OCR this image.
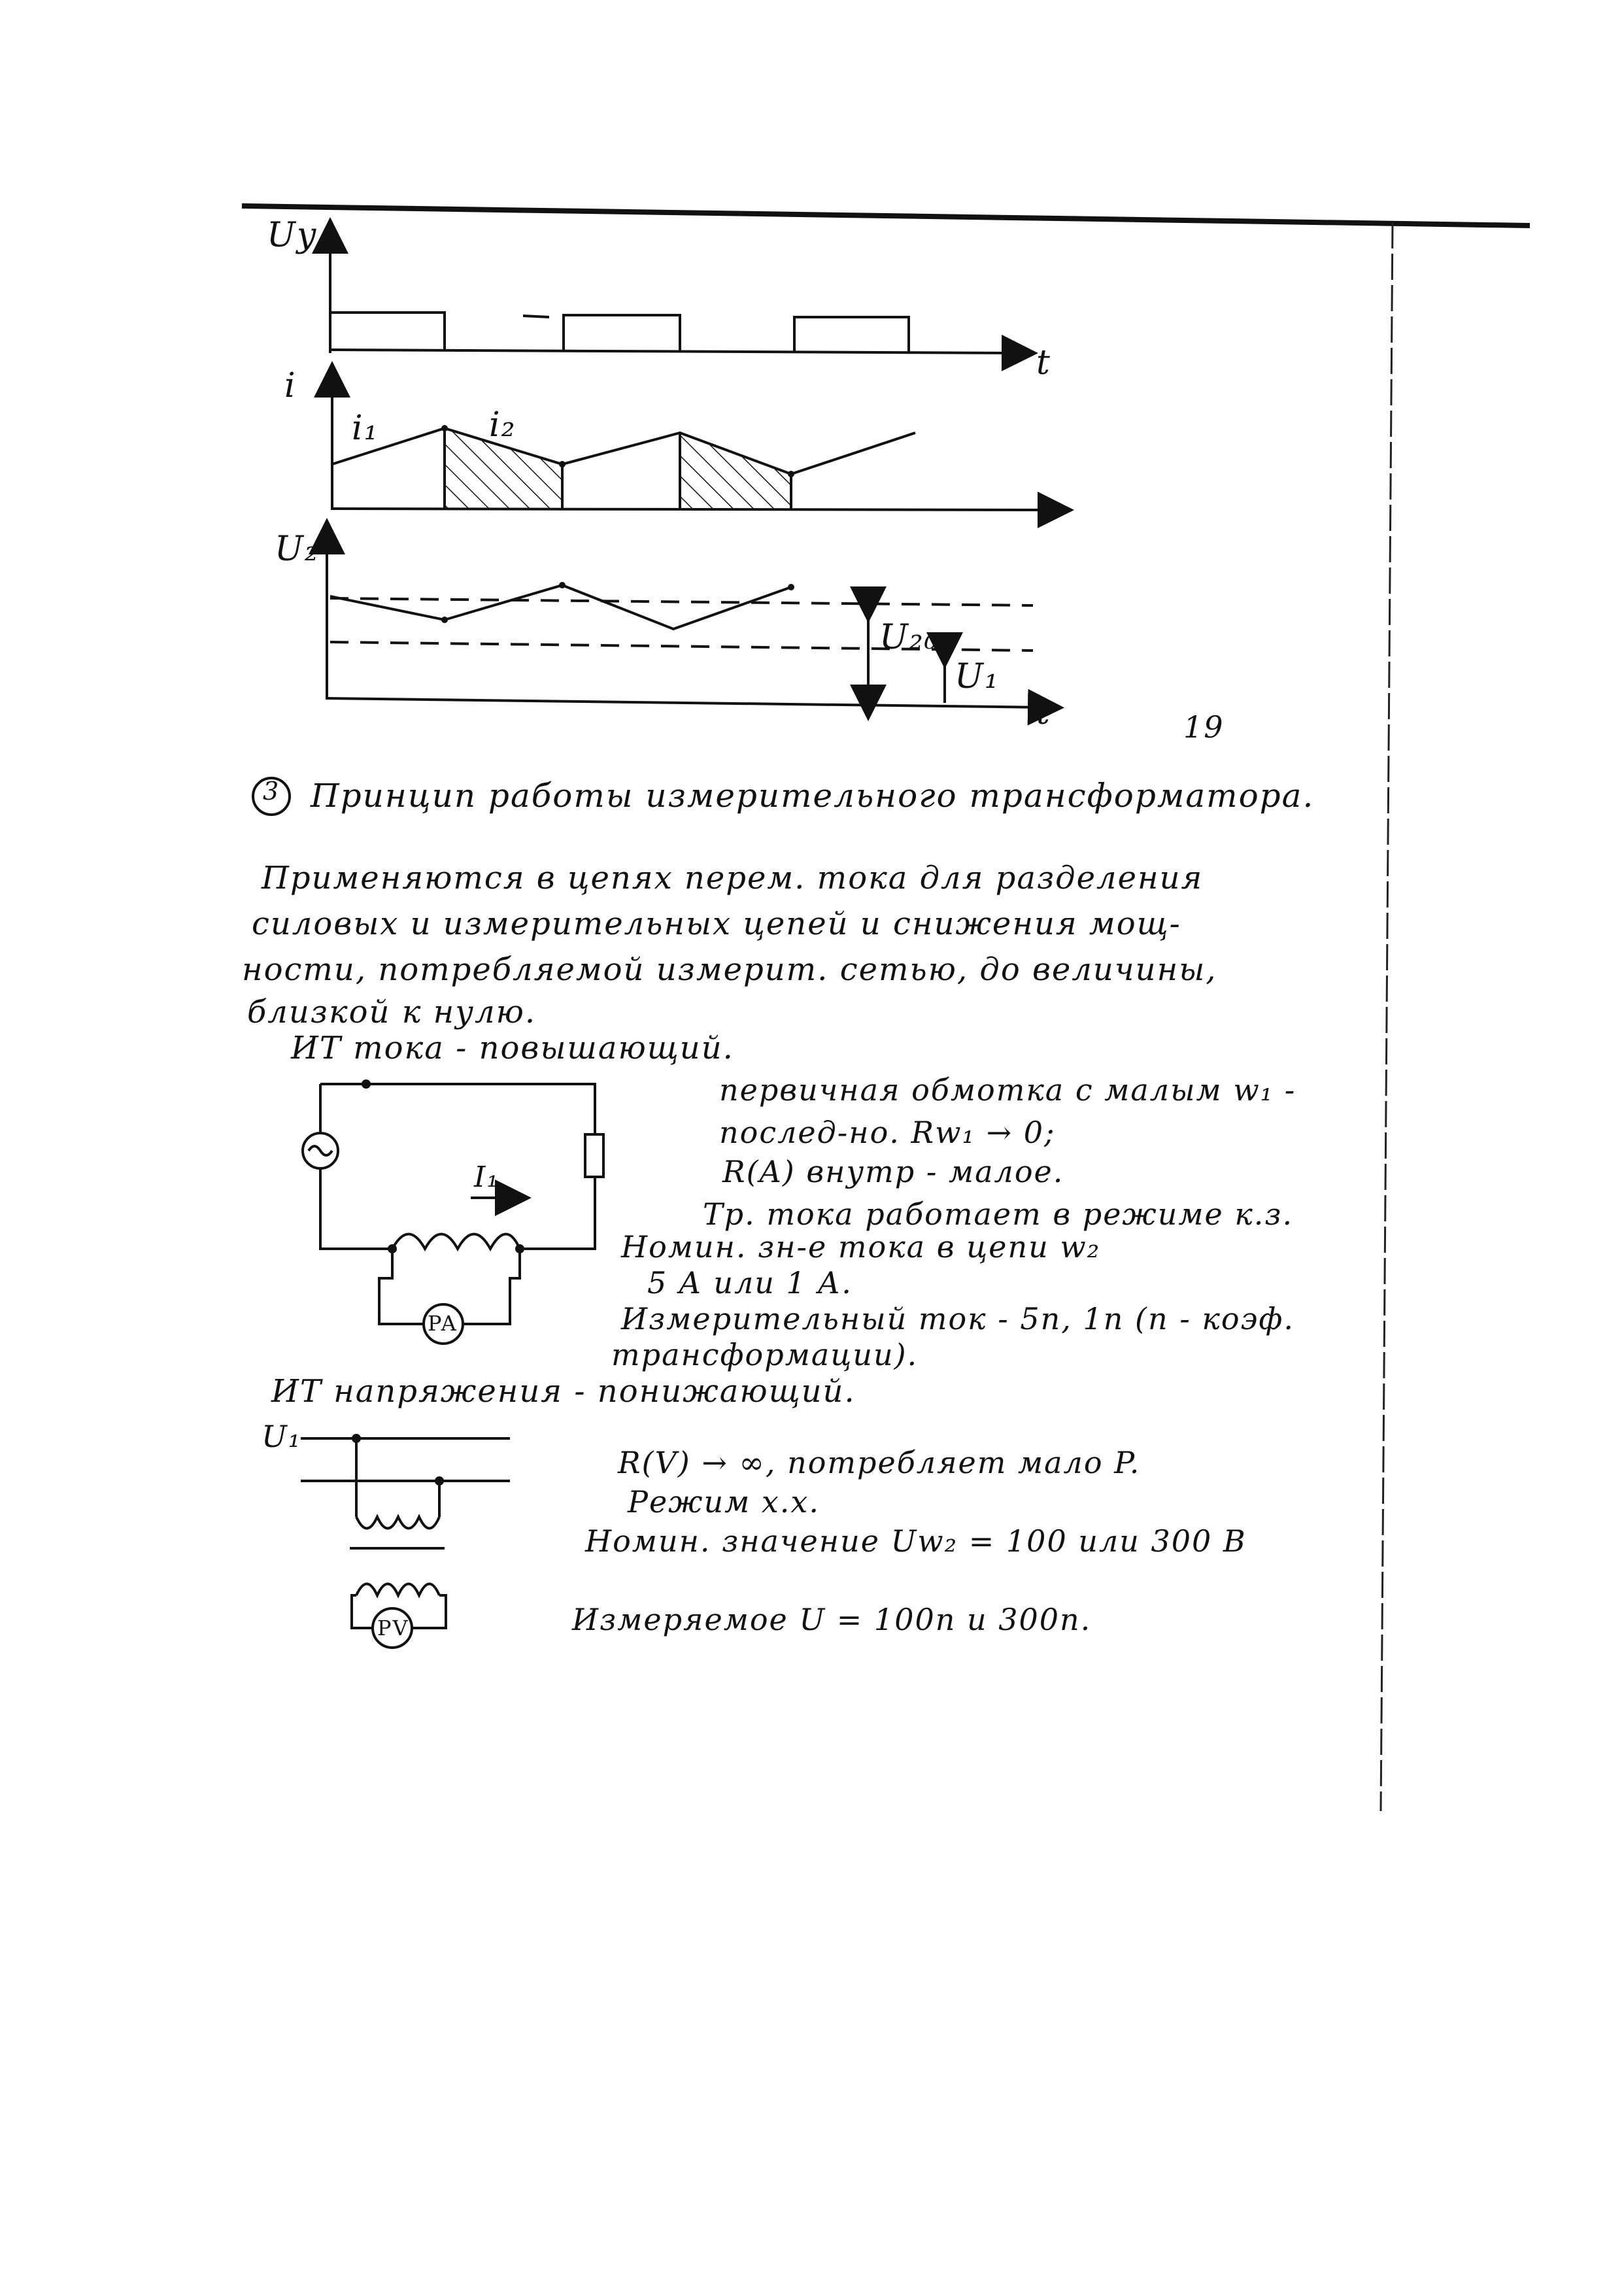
Uy
t
i
i₁	i₂
t
U₂
U₂₀
U₁
t	19
3 Принцип работы измерительного трансформатора.
Применяются в цепях перем. тока для разделения
силовых и измерительных цепей и снижения мощ-
ности, потребляемой измерит. сетью, до величины,
близкой к нулю.
ИТ тока - повышающий.
первичная обмотка с малым w₁ -
послед-но. Rw₁ → 0;
R(A) внутр - малое.
Тр. тока работает в режиме к.з.
Номин. зн-е тока в цепи w₂
5 А или 1 А.
Измерительный ток - 5n, 1n (n - коэф.
трансформации).
I₁
PA
ИТ напряжения - понижающий.
U₁
R(V) → ∞, потребляет мало P.
Режим х.х.
Номин. значение Uw₂ = 100 или 300 В
Измеряемое U = 100n и 300n.
PV
